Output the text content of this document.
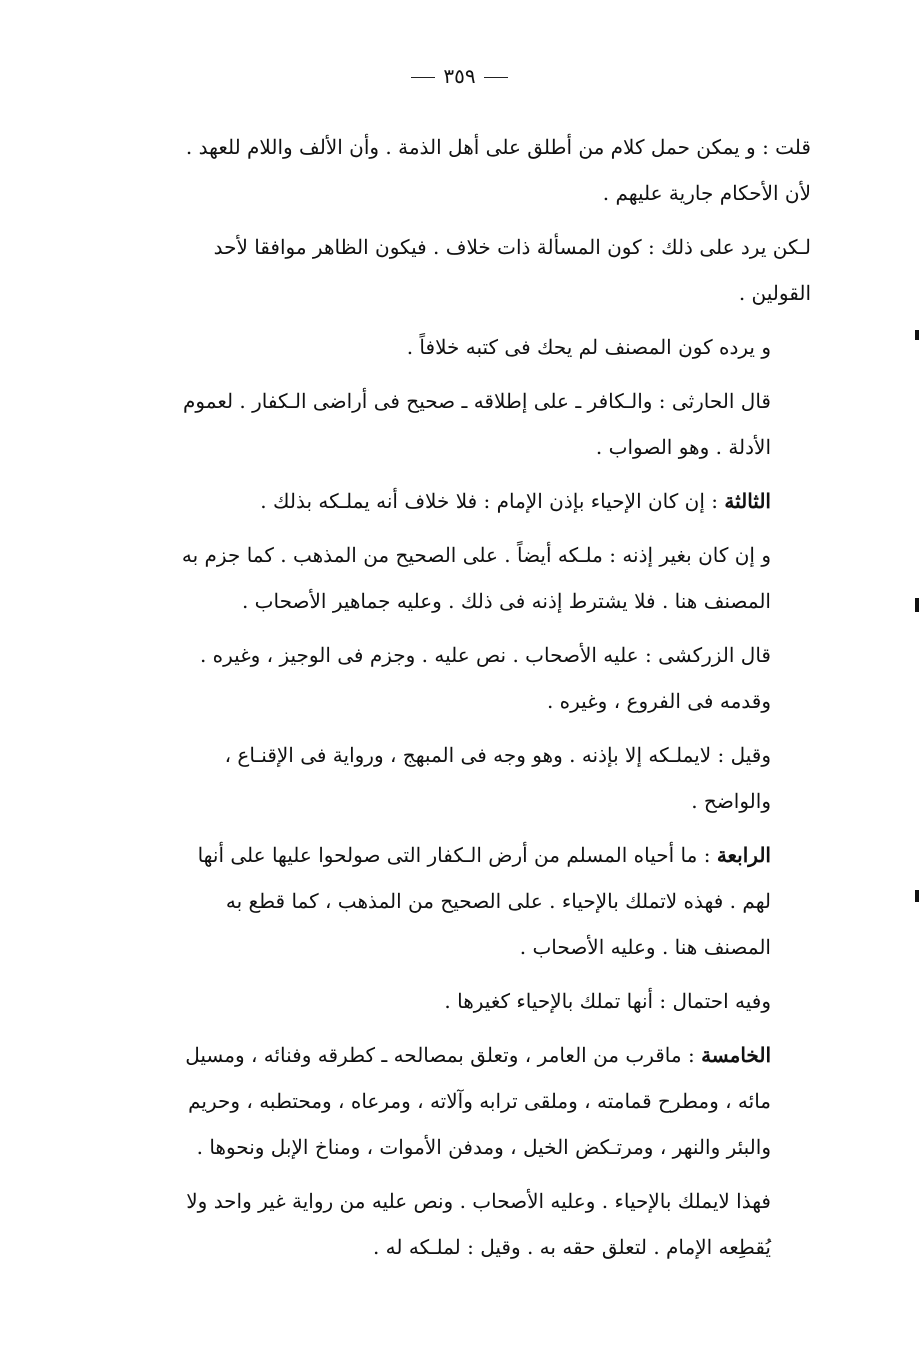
٣٥٩

قلت : و يمكن حمل كلام من أطلق على أهل الذمة . وأن الألف واللام للعهد . لأن الأحكام جارية عليهم .

لـكن يرد على ذلك : كون المسألة ذات خلاف . فيكون الظاهر موافقا لأحد القولين .

و يرده كون المصنف لم يحك فى كتبه خلافاً .

قال الحارثى : والـكافر ـ على إطلاقه ـ صحيح فى أراضى الـكفار . لعموم الأدلة . وهو الصواب .

الثالثة : إن كان الإحياء بإذن الإمام : فلا خلاف أنه يملـكه بذلك .

و إن كان بغير إذنه : ملـكه أيضاً . على الصحيح من المذهب . كما جزم به المصنف هنا . فلا يشترط إذنه فى ذلك . وعليه جماهير الأصحاب .

قال الزركشى : عليه الأصحاب . نص عليه . وجزم فى الوجيز ، وغيره . وقدمه فى الفروع ، وغيره .

وقيل : لايملـكه إلا بإذنه . وهو وجه فى المبهج ، ورواية فى الإقنـاع ، والواضح .

الرابعة : ما أحياه المسلم من أرض الـكفار التى صولحوا عليها على أنها لهم . فهذه لاتملك بالإحياء . على الصحيح من المذهب ، كما قطع به المصنف هنا . وعليه الأصحاب .

وفيه احتمال : أنها تملك بالإحياء كغيرها .

الخامسة : ماقرب من العامر ، وتعلق بمصالحه ـ كطرقه وفنائه ، ومسيل مائه ، ومطرح قمامته ، وملقى ترابه وآلاته ، ومرعاه ، ومحتطبه ، وحريم والبئر والنهر ، ومرتـكض الخيل ، ومدفن الأموات ، ومناخ الإبل ونحوها .

فهذا لايملك بالإحياء . وعليه الأصحاب . ونص عليه من رواية غير واحد ولا يُقطِعه الإمام . لتعلق حقه به . وقيل : لملـكه له .
